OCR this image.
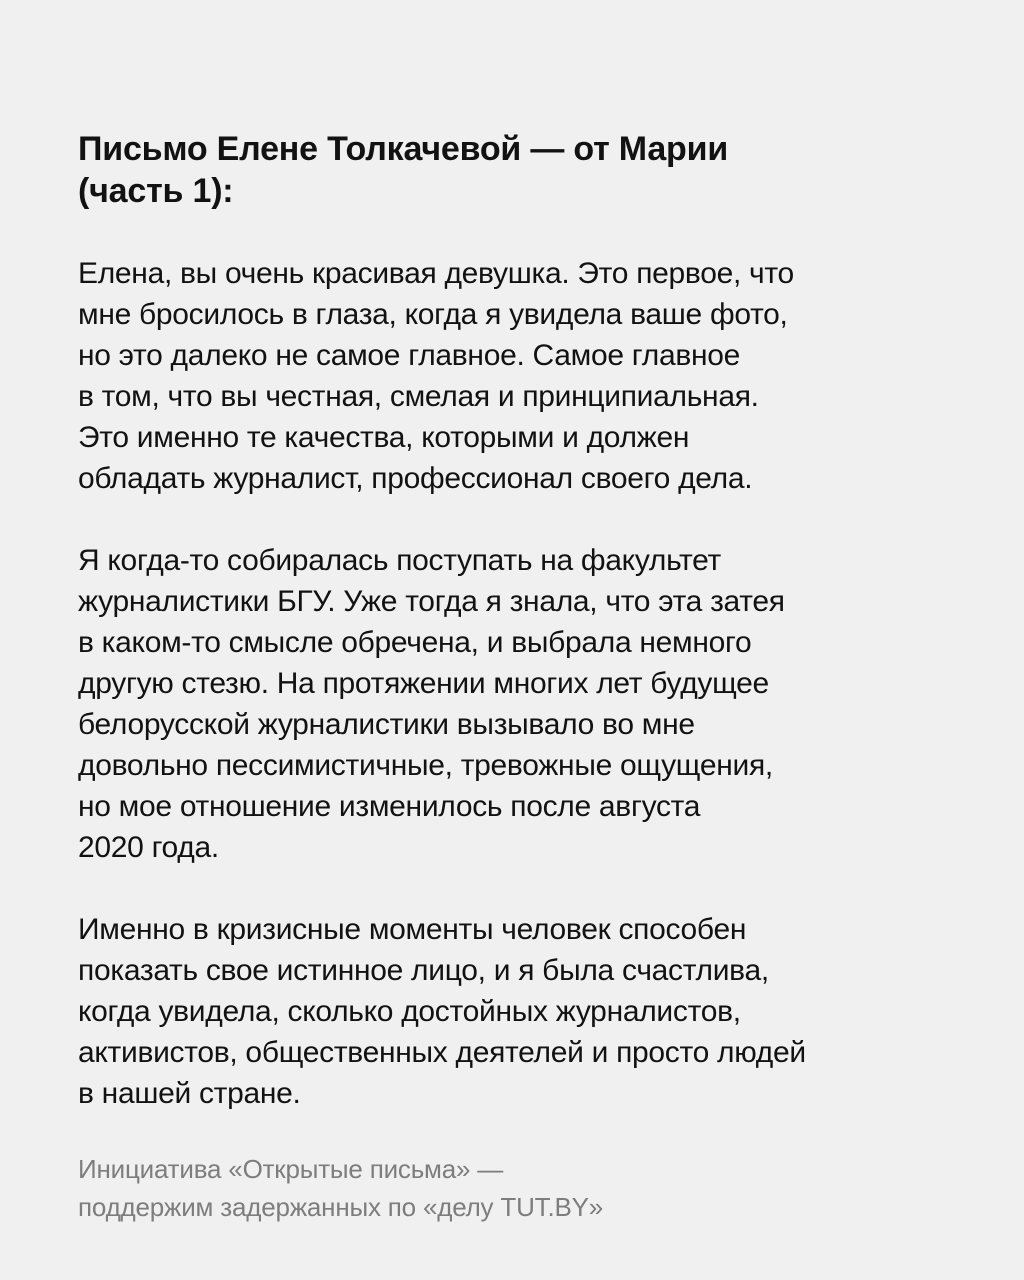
Письмо Елене Толкачевой — от Марии
(часть 1):

Елена, вы очень красивая девушка. Это первое, что
мне бросилось в глаза, когда я увидела ваше фото,
но это далеко не самое главное. Самое главное
в том, что вы честная, смелая и принципиальная.
Это именно те качества, которыми и должен
обладать журналист, профессионал своего дела.

Я когда-то собиралась поступать на факультет
журналистики БГУ. Уже тогда я знала, что эта затея
в каком-то смысле обречена, и выбрала немного
другую стезю. На протяжении многих лет будущее
белорусской журналистики вызывало во мне
довольно пессимистичные, тревожные ощущения,
но мое отношение изменилось после августа
2020 года.

Именно в кризисные моменты человек способен
показать свое истинное лицо, и я была счастлива,
когда увидела, сколько достойных журналистов,
активистов, общественных деятелей и просто людей
в нашей стране.

Инициатива «Открытые письма» —
поддержим задержанных по «делу TUT.BY»
